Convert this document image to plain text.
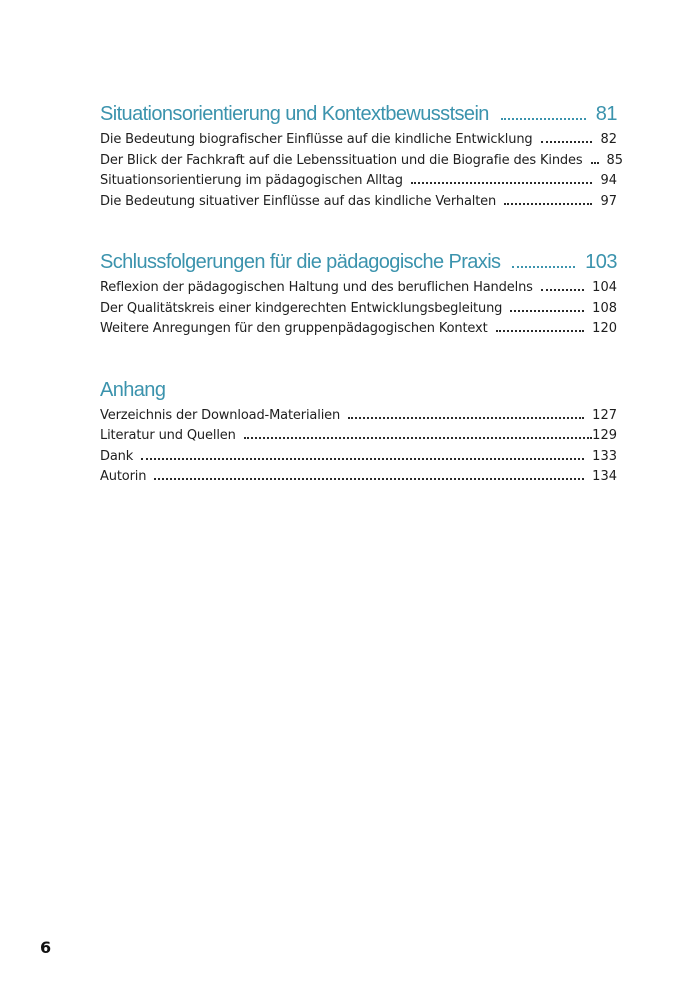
Situationsorientierung und Kontextbewusstsein	81
Die Bedeutung biografischer Einflüsse auf die kindliche Entwicklung	82
Der Blick der Fachkraft auf die Lebenssituation und die Biografie des Kindes 85
Situationsorientierung im pädagogischen Alltag	94
Die Bedeutung situativer Einflüsse auf das kindliche Verhalten	97
Schlussfolgerungen für die pädagogische Praxis	103
Reflexion der pädagogischen Haltung und des beruflichen Handelns	104
Der Qualitätskreis einer kindgerechten Entwicklungsbegleitung	108
Weitere Anregungen für den gruppenpädagogischen Kontext	120
Anhang
Verzeichnis der Download-Materialien	127
Literatur und Quellen	129
Dank	133
Autorin	134
6
